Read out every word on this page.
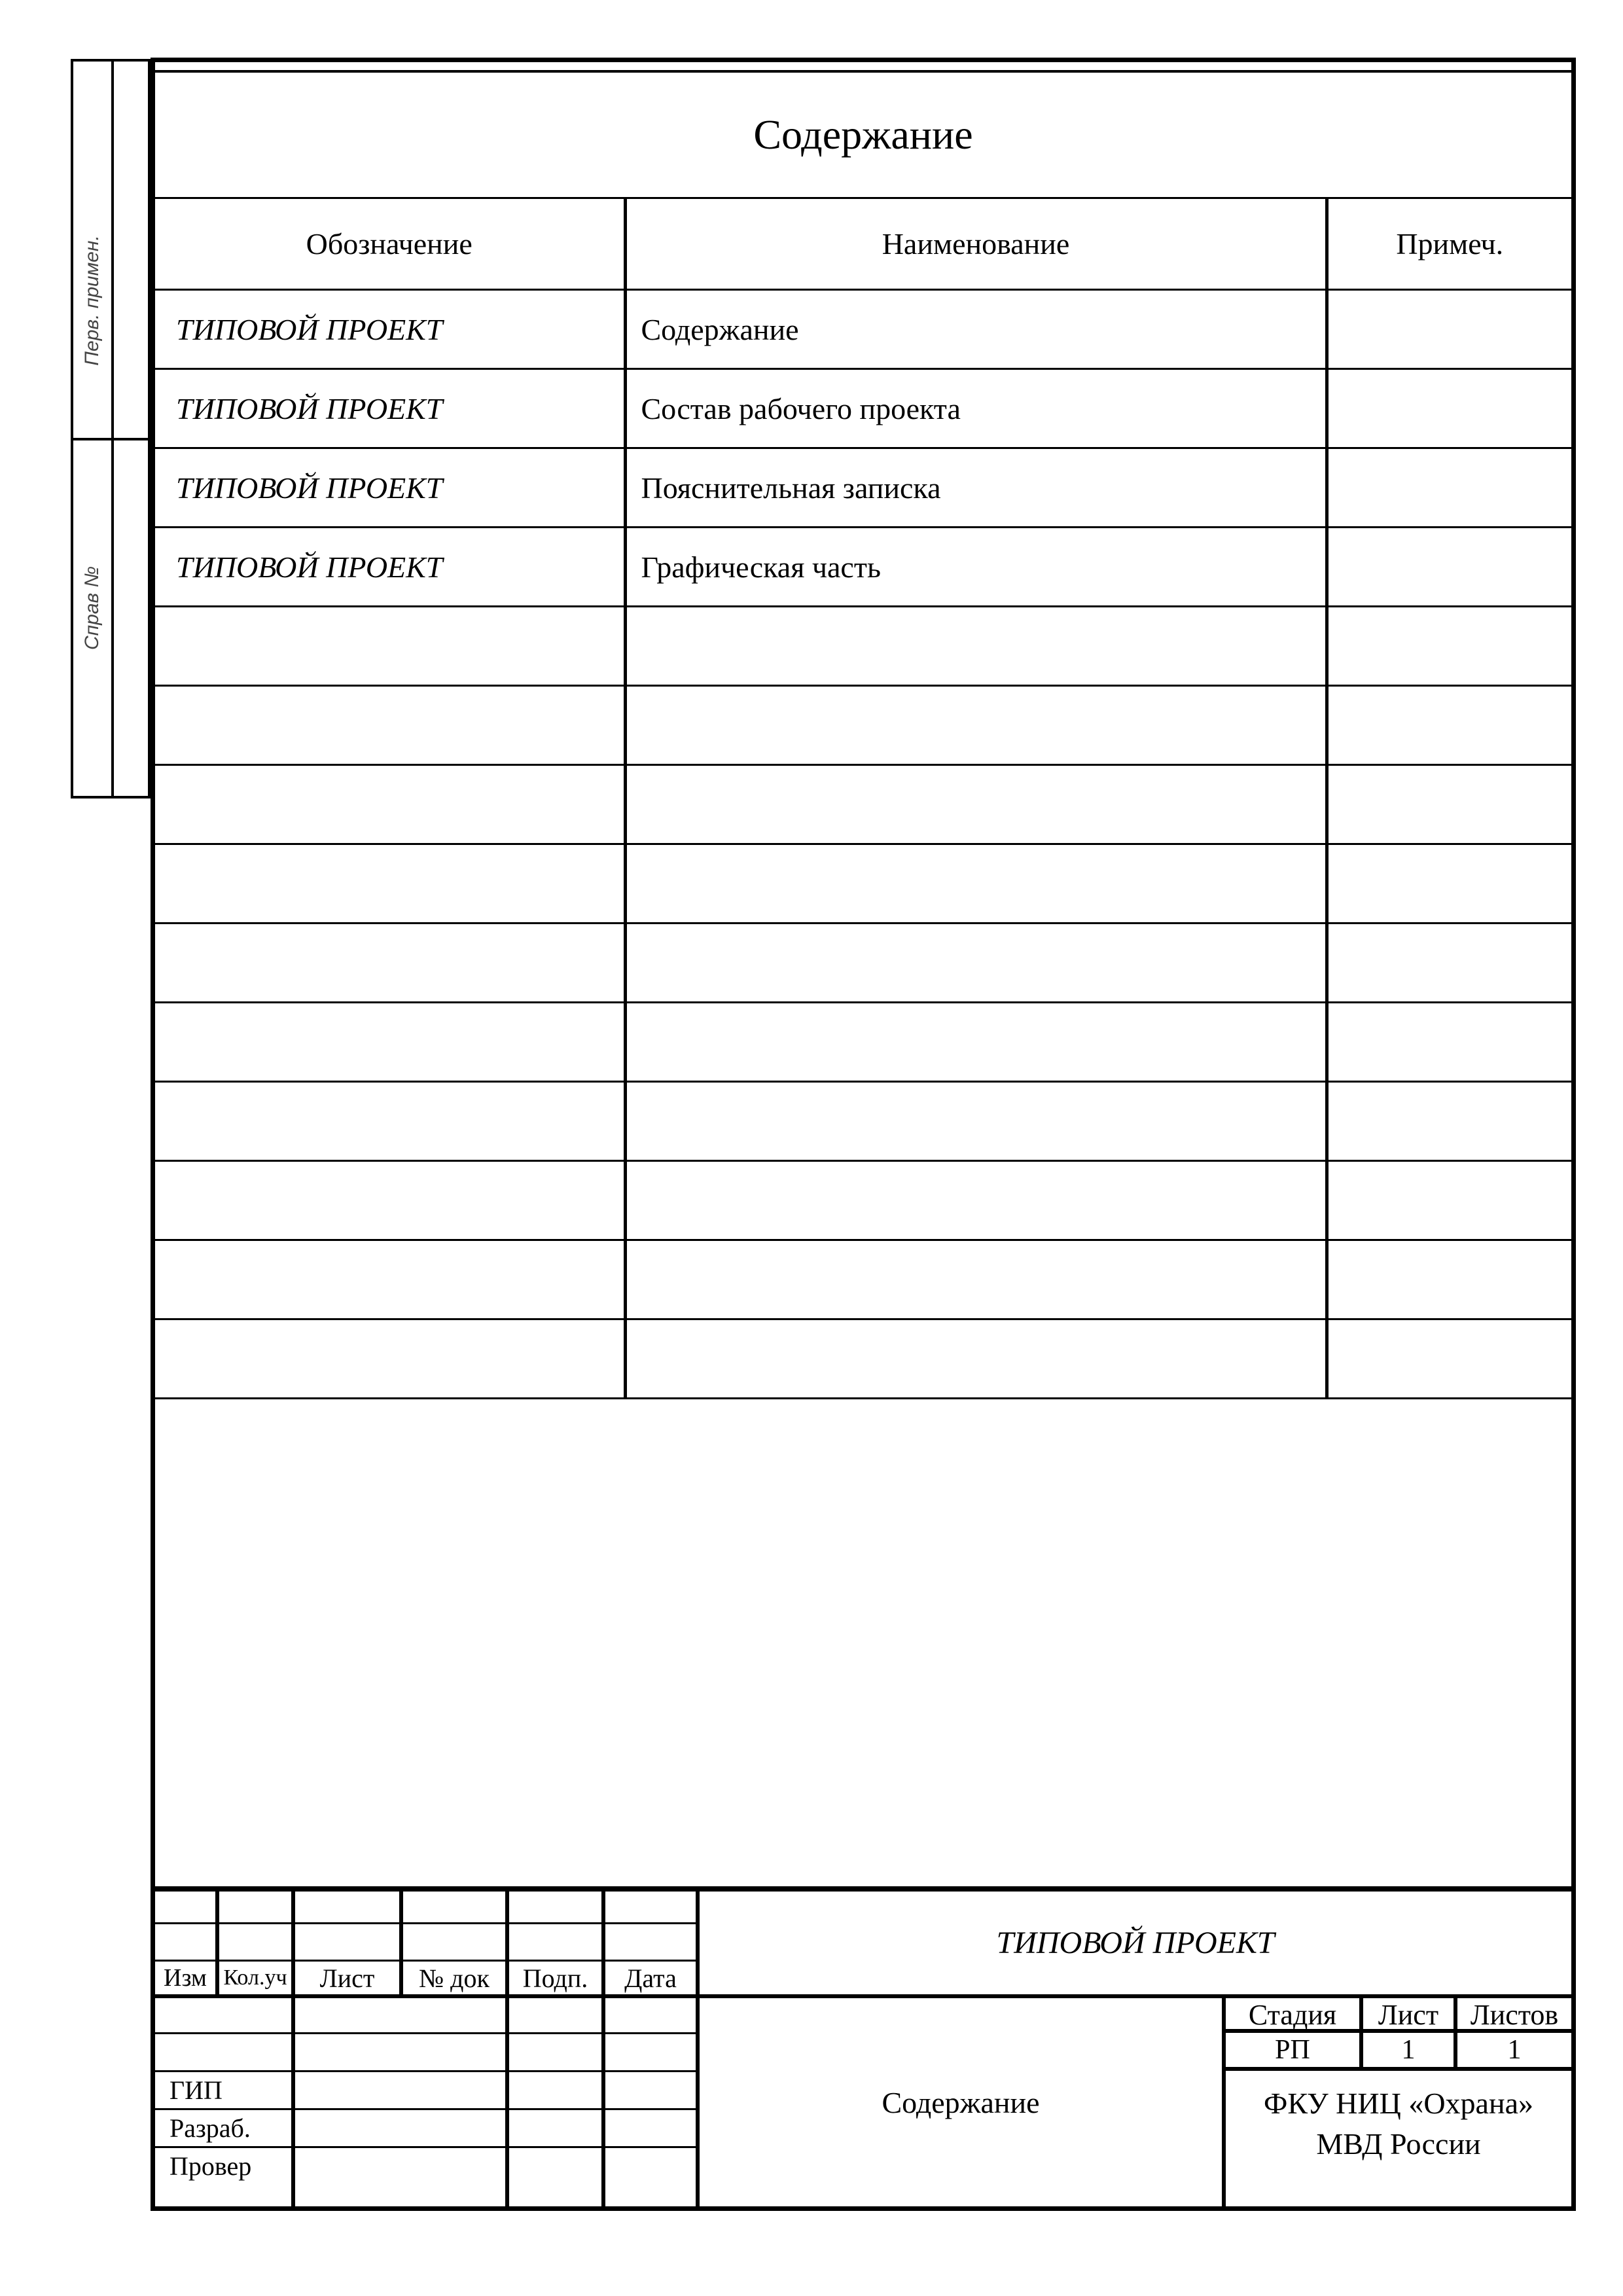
Перв. примен.
Справ №
Содержание
Обозначение	Наименование	Примеч.
ТИПОВОЙ ПРОЕКТ	Содержание	
ТИПОВОЙ ПРОЕКТ	Состав рабочего проекта	
ТИПОВОЙ ПРОЕКТ	Пояснительная записка	
ТИПОВОЙ ПРОЕКТ	Графическая часть	

Изм Кол.уч	Лист	№ док	Подп.	Дата
ГИП
Разраб.
Провер
ТИПОВОЙ ПРОЕКТ
Содержание
Стадия	Лист	Листов
РП	1	1
ФКУ НИЦ «Охрана»
МВД России
